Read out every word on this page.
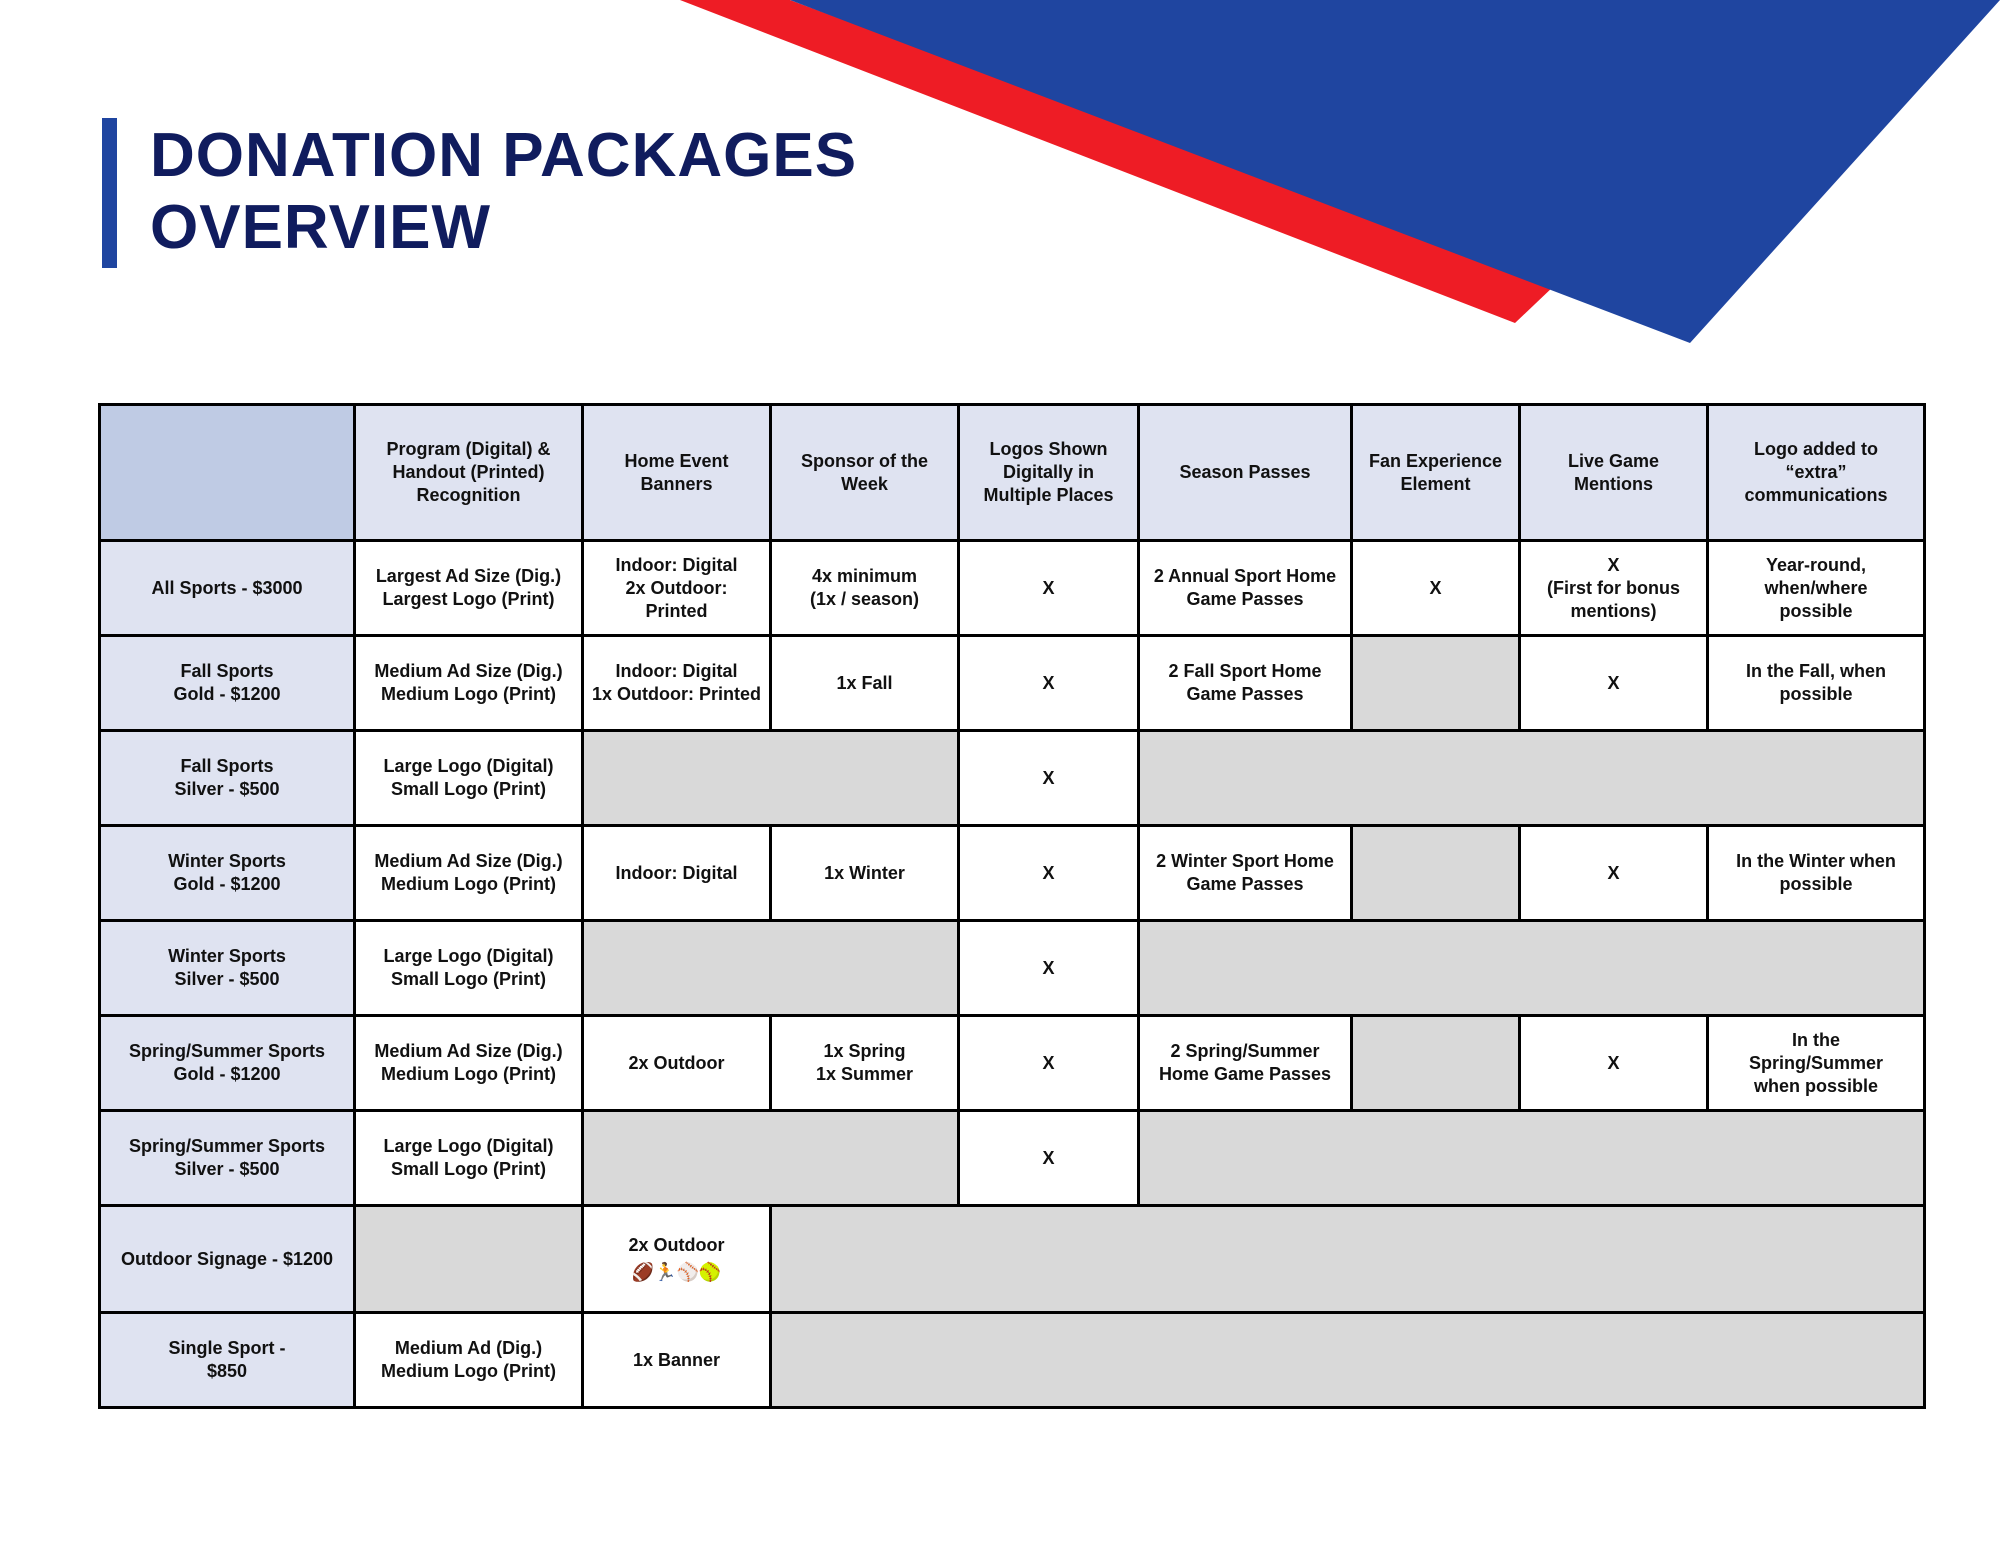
DONATION PACKAGES
OVERVIEW
	Program (Digital) &
Handout (Printed)
Recognition	Home Event
Banners	Sponsor of the
Week	Logos Shown
Digitally in
Multiple Places	Season Passes	Fan Experience
Element	Live Game
Mentions	Logo added to
“extra”
communications
All Sports - $3000	Largest Ad Size (Dig.)
Largest Logo (Print)	Indoor: Digital
2x Outdoor:
Printed	4x minimum
(1x / season)	X	2 Annual Sport Home
Game Passes	X	X
(First for bonus
mentions)	Year-round,
when/where
possible
Fall Sports
Gold - $1200	Medium Ad Size (Dig.)
Medium Logo (Print)	Indoor: Digital
1x Outdoor: Printed	1x Fall	X	2 Fall Sport Home
Game Passes		X	In the Fall, when
possible
Fall Sports
Silver - $500	Large Logo (Digital)
Small Logo (Print)			X				
Winter Sports
Gold - $1200	Medium Ad Size (Dig.)
Medium Logo (Print)	Indoor: Digital	1x Winter	X	2 Winter Sport Home
Game Passes		X	In the Winter when
possible
Winter Sports
Silver - $500	Large Logo (Digital)
Small Logo (Print)			X				
Spring/Summer Sports
Gold - $1200	Medium Ad Size (Dig.)
Medium Logo (Print)	2x Outdoor	1x Spring
1x Summer	X	2 Spring/Summer
Home Game Passes		X	In the
Spring/Summer
when possible
Spring/Summer Sports
Silver - $500	Large Logo (Digital)
Small Logo (Print)			X				
Outdoor Signage - $1200		2x Outdoor

🏈🏃⚾🥎						

Single Sport -
$850	Medium Ad (Dig.)
Medium Logo (Print)	1x Banner						
